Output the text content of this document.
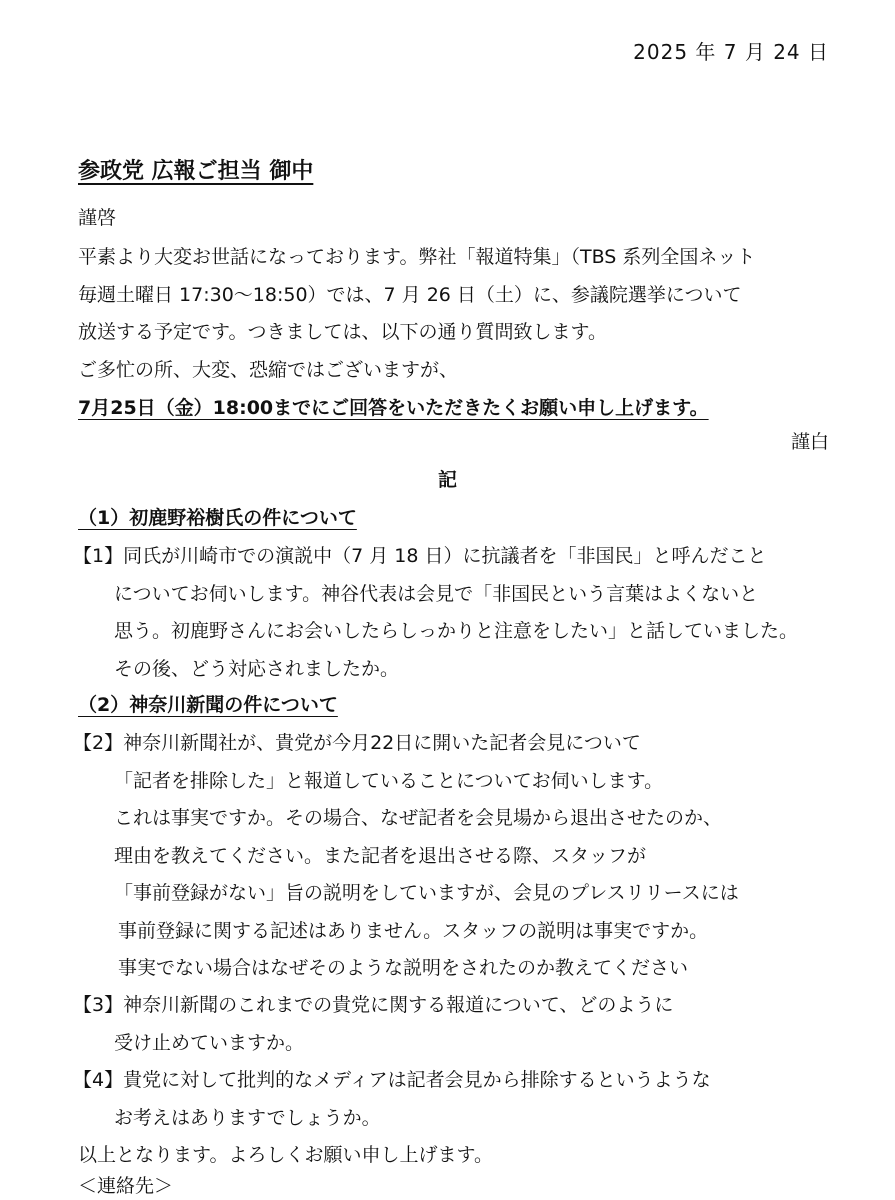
2025 年 7 月 24 日
参政党 広報ご担当 御中
謹啓
平素より大変お世話になっております。弊社「報道特集」（TBS 系列全国ネット
毎週土曜日 17:30～18:50）では、7 月 26 日（土）に、参議院選挙について
放送する予定です。つきましては、以下の通り質問致します。
ご多忙の所、大変、恐縮ではございますが、
7月25日（金）18:00までにご回答をいただきたくお願い申し上げます。
謹白
記
（1）初鹿野裕樹氏の件について
【1】同氏が川崎市での演説中（7 月 18 日）に抗議者を「非国民」と呼んだこと
についてお伺いします。神谷代表は会見で「非国民という言葉はよくないと
思う。初鹿野さんにお会いしたらしっかりと注意をしたい」と話していました。
その後、どう対応されましたか。
（2）神奈川新聞の件について
【2】神奈川新聞社が、貴党が今月22日に開いた記者会見について
「記者を排除した」と報道していることについてお伺いします。
これは事実ですか。その場合、なぜ記者を会見場から退出させたのか、
理由を教えてください。また記者を退出させる際、スタッフが
「事前登録がない」旨の説明をしていますが、会見のプレスリリースには
事前登録に関する記述はありません。スタッフの説明は事実ですか。
事実でない場合はなぜそのような説明をされたのか教えてください
【3】神奈川新聞のこれまでの貴党に関する報道について、どのように
受け止めていますか。
【4】貴党に対して批判的なメディアは記者会見から排除するというような
お考えはありますでしょうか。
以上となります。よろしくお願い申し上げます。
＜連絡先＞
